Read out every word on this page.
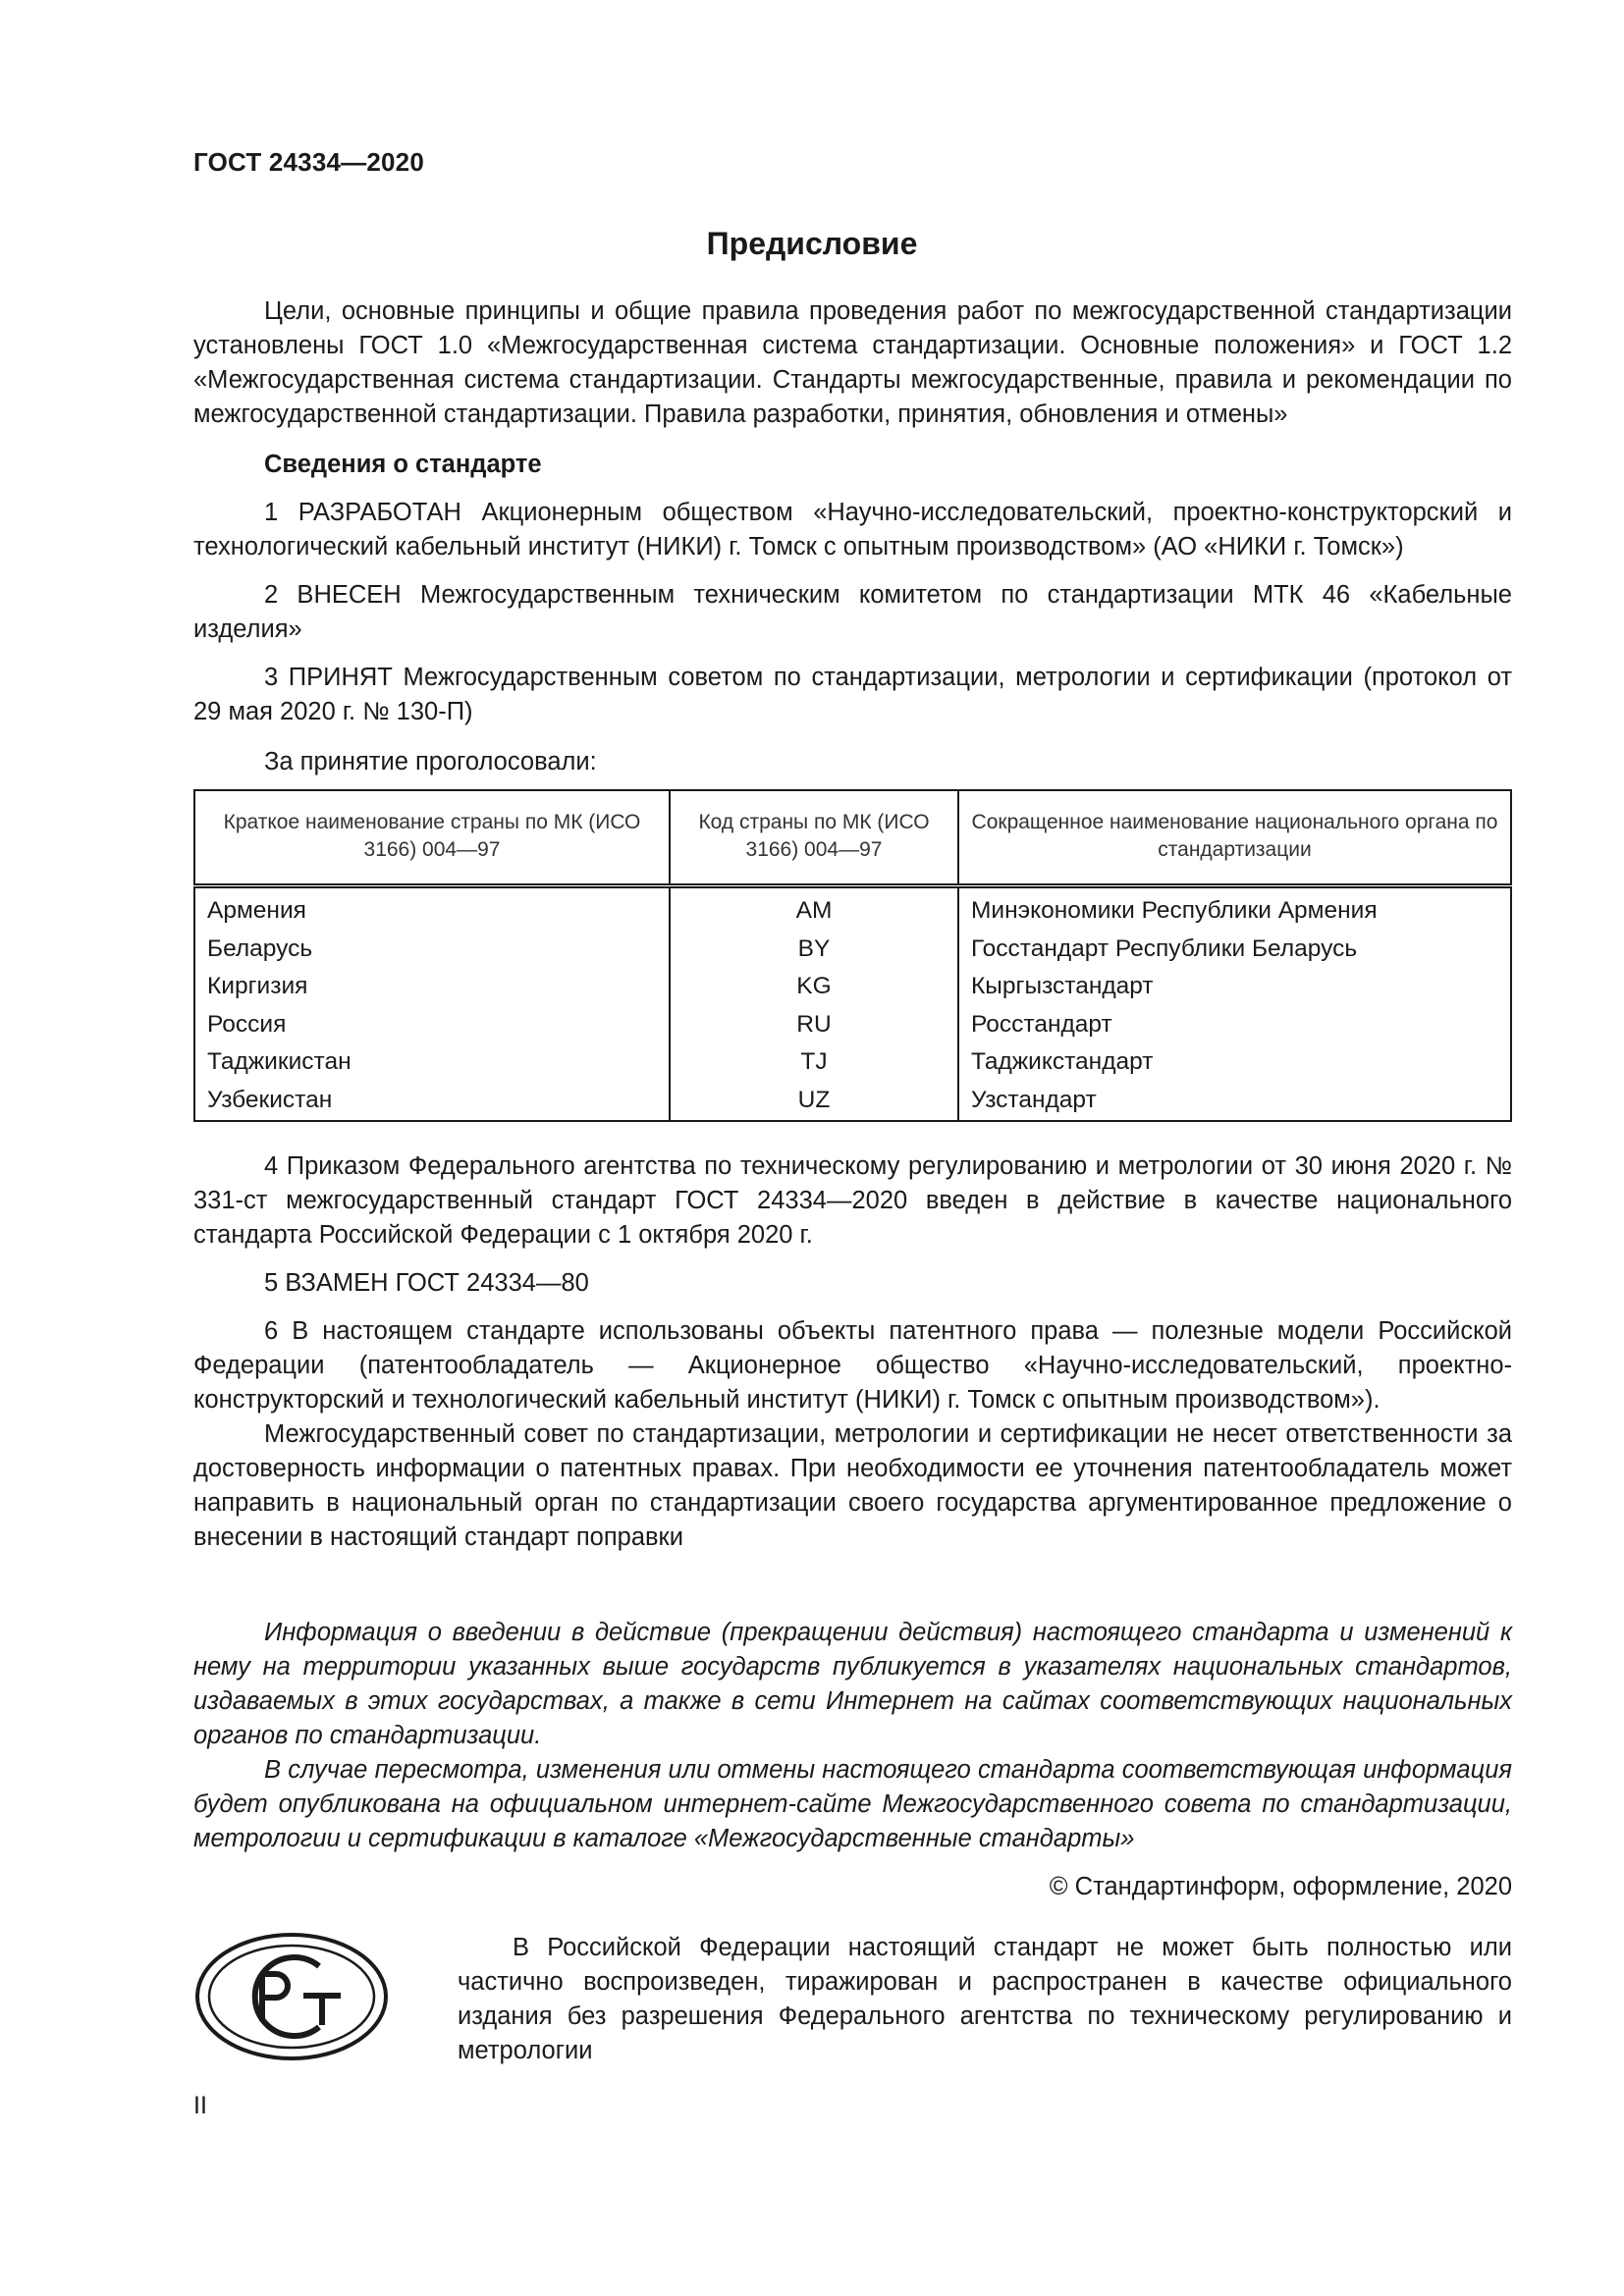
ГОСТ 24334—2020
Предисловие

Цели, основные принципы и общие правила проведения работ по межгосударственной стандартизации установлены ГОСТ 1.0 «Межгосударственная система стандартизации. Основные положения» и ГОСТ 1.2 «Межгосударственная система стандартизации. Стандарты межгосударственные, правила и рекомендации по межгосударственной стандартизации. Правила разработки, принятия, обновления и отмены»

Сведения о стандарте

1 РАЗРАБОТАН Акционерным обществом «Научно-исследовательский, проектно-конструкторский и технологический кабельный институт (НИКИ) г. Томск с опытным производством» (АО «НИКИ г. Томск»)

2 ВНЕСЕН Межгосударственным техническим комитетом по стандартизации МТК 46 «Кабельные изделия»

3 ПРИНЯТ Межгосударственным советом по стандартизации, метрологии и сертификации (протокол от 29 мая 2020 г. № 130-П)

За принятие проголосовали:

Краткое наименование страны по МК (ИСО 3166) 004—97	Код страны по МК (ИСО 3166) 004—97	Сокращенное наименование национального органа по стандартизации
Армения	AM	Минэкономики Республики Армения
Беларусь	BY	Госстандарт Республики Беларусь
Киргизия	KG	Кыргызстандарт
Россия	RU	Росстандарт
Таджикистан	TJ	Таджикстандарт
Узбекистан	UZ	Узстандарт

4 Приказом Федерального агентства по техническому регулированию и метрологии от 30 июня 2020 г. № 331-ст межгосударственный стандарт ГОСТ 24334—2020 введен в действие в качестве национального стандарта Российской Федерации с 1 октября 2020 г.

5 ВЗАМЕН ГОСТ 24334—80

6 В настоящем стандарте использованы объекты патентного права — полезные модели Российской Федерации (патентообладатель — Акционерное общество «Научно-исследовательский, проектно-конструкторский и технологический кабельный институт (НИКИ) г. Томск с опытным производством»).

Межгосударственный совет по стандартизации, метрологии и сертификации не несет ответственности за достоверность информации о патентных правах. При необходимости ее уточнения патентообладатель может направить в национальный орган по стандартизации своего государства аргументированное предложение о внесении в настоящий стандарт поправки

Информация о введении в действие (прекращении действия) настоящего стандарта и изменений к нему на территории указанных выше государств публикуется в указателях национальных стандартов, издаваемых в этих государствах, а также в сети Интернет на сайтах соответствующих национальных органов по стандартизации.

В случае пересмотра, изменения или отмены настоящего стандарта соответствующая информация будет опубликована на официальном интернет-сайте Межгосударственного совета по стандартизации, метрологии и сертификации в каталоге «Межгосударственные стандарты»

© Стандартинформ, оформление, 2020
В Российской Федерации настоящий стандарт не может быть полностью или частично воспроизведен, тиражирован и распространен в качестве официального издания без разрешения Федерального агентства по техническому регулированию и метрологии
II
